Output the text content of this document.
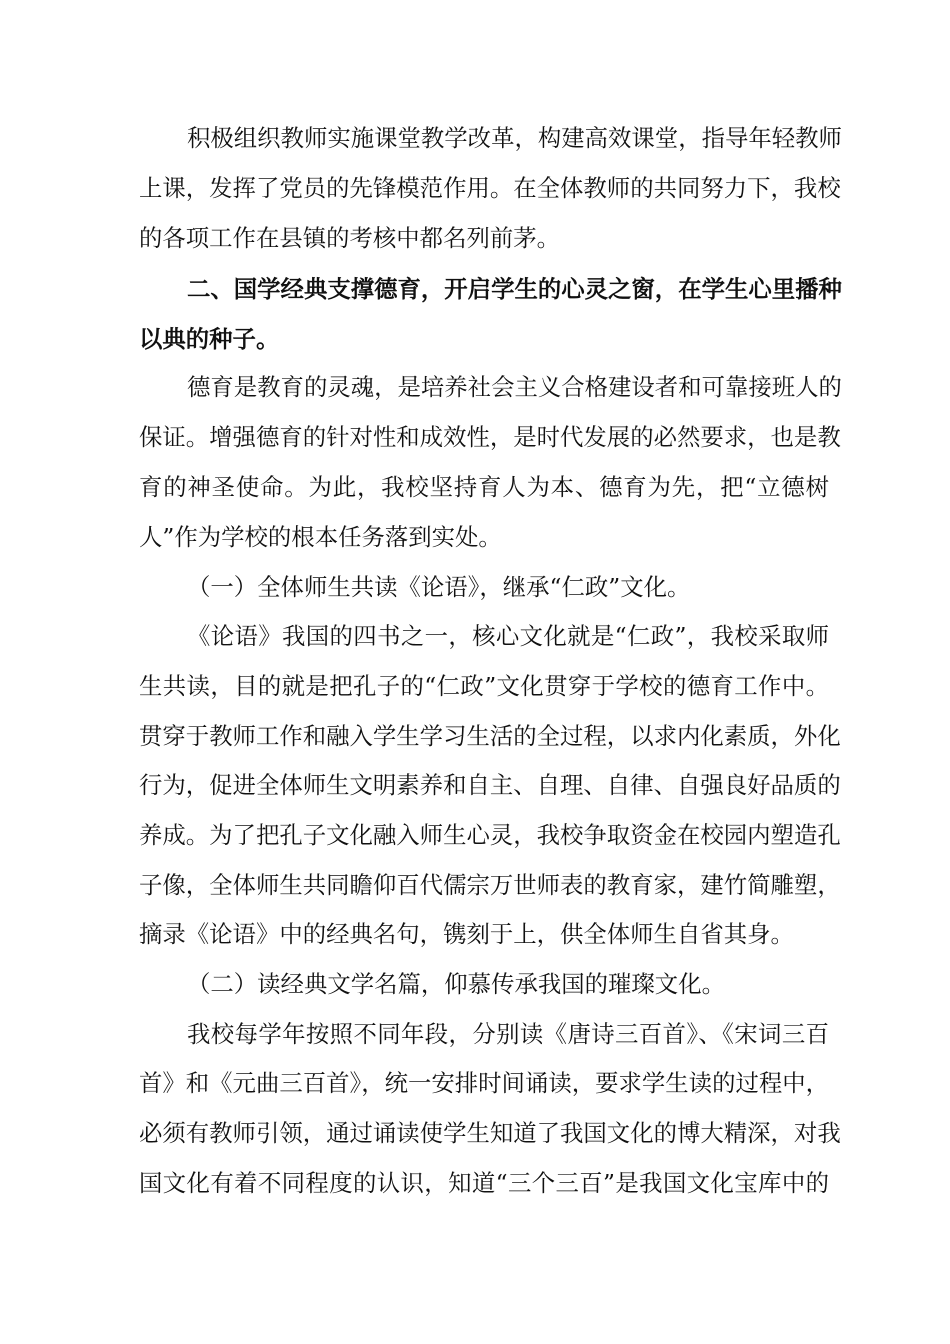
积极组织教师实施课堂教学改革，构建高效课堂，指导年轻教师
上课，发挥了党员的先锋模范作用。在全体教师的共同努力下，我校
的各项工作在县镇的考核中都名列前茅。
二、国学经典支撑德育，开启学生的心灵之窗，在学生心里播种
以典的种子。
德育是教育的灵魂，是培养社会主义合格建设者和可靠接班人的
保证。增强德育的针对性和成效性，是时代发展的必然要求，也是教
育的神圣使命。为此，我校坚持育人为本、德育为先，把“立德树
人”作为学校的根本任务落到实处。
（一）全体师生共读《论语》，继承“仁政”文化。
《论语》我国的四书之一，核心文化就是“仁政”，我校采取师
生共读，目的就是把孔子的“仁政”文化贯穿于学校的德育工作中。
贯穿于教师工作和融入学生学习生活的全过程，以求内化素质，外化
行为，促进全体师生文明素养和自主、自理、自律、自强良好品质的
养成。为了把孔子文化融入师生心灵，我校争取资金在校园内塑造孔
子像，全体师生共同瞻仰百代儒宗万世师表的教育家，建竹简雕塑，
摘录《论语》中的经典名句，镌刻于上，供全体师生自省其身。
（二）读经典文学名篇，仰慕传承我国的璀璨文化。
我校每学年按照不同年段，分别读《唐诗三百首》、《宋词三百
首》和《元曲三百首》，统一安排时间诵读，要求学生读的过程中，
必须有教师引领，通过诵读使学生知道了我国文化的博大精深，对我
国文化有着不同程度的认识，知道“三个三百”是我国文化宝库中的
